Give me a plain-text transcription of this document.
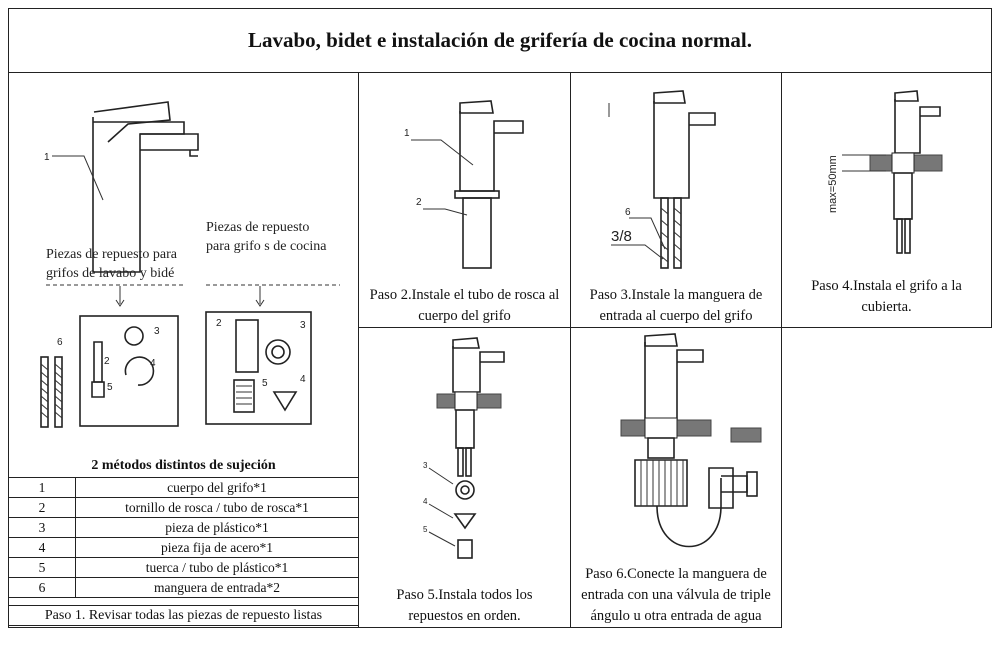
Lavabo, bidet e instalación de grifería de cocina normal.
1
Piezas de repuesto para
grifos de lavabo y bidé
Piezas de repuesto
para grifo s de cocina
6
2
3
4
5
2	3
5	4
2 métodos distintos de sujeción
1	cuerpo del grifo*1
2	tornillo de rosca / tubo de rosca*1
3	pieza de plástico*1
4	pieza fija de acero*1
5	tuerca / tubo de plástico*1
6	manguera de entrada*2
Paso 1. Revisar todas las piezas de repuesto listas
1
2
Paso 2.Instale el tubo de rosca al
cuerpo del grifo
6
3/8
Paso 3.Instale la manguera de
entrada al cuerpo del grifo
max=50mm
Paso 4.Instala el grifo a la
cubierta.
3
4
5
Paso 5.Instala todos los
repuestos en orden.
Paso 6.Conecte la manguera de
entrada con una válvula de triple
ángulo u otra entrada de agua
